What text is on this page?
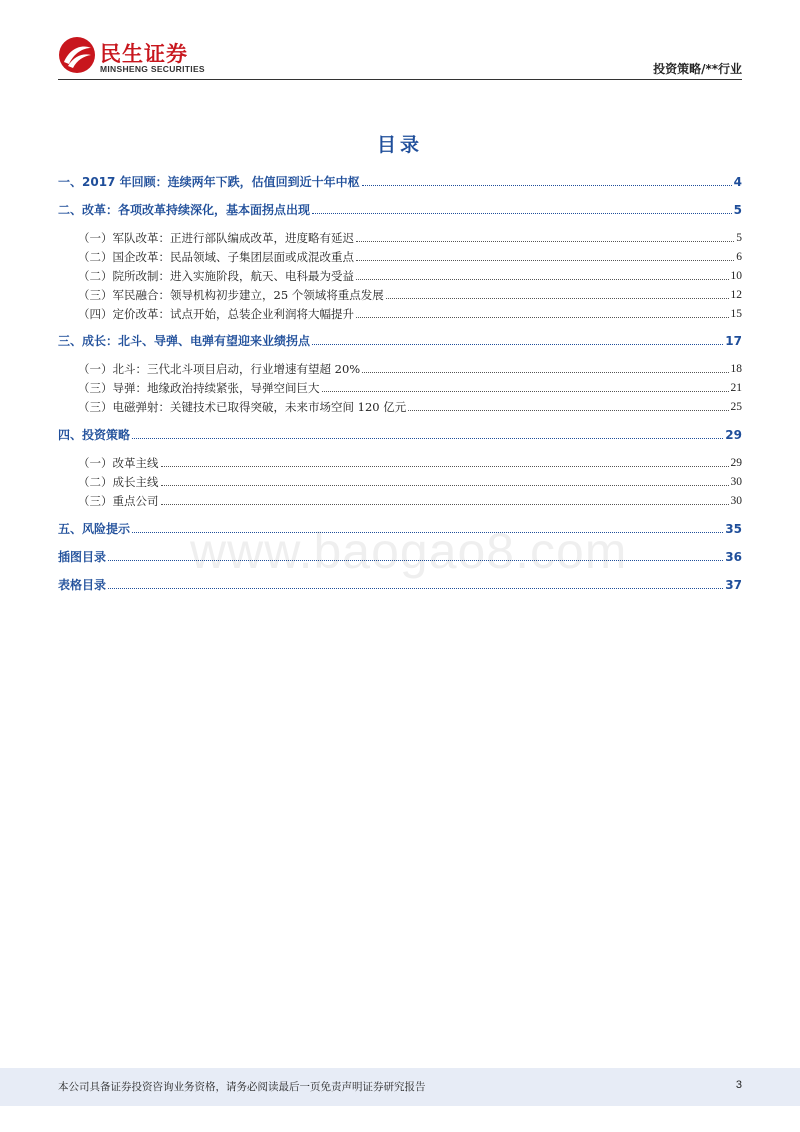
民生证券
MINSHENG SECURITIES	投资策略/**行业
目录
一、2017 年回顾：连续两年下跌，估值回到近十年中枢	4
二、改革：各项改革持续深化，基本面拐点出现	5
（一）军队改革：正进行部队编成改革，进度略有延迟	5
（二）国企改革：民品领域、子集团层面或成混改重点	6
（二）院所改制：进入实施阶段，航天、电科最为受益	10
（三）军民融合：领导机构初步建立，25 个领域将重点发展	12
（四）定价改革：试点开始，总装企业利润将大幅提升	15
三、成长：北斗、导弹、电弹有望迎来业绩拐点	17
（一）北斗：三代北斗项目启动，行业增速有望超 20%	18
（三）导弹：地缘政治持续紧张，导弹空间巨大	21
（三）电磁弹射：关键技术已取得突破，未来市场空间 120 亿元	25
四、投资策略	29
（一）改革主线	29
（二）成长主线	30
（三）重点公司	30
五、风险提示	35
插图目录	36
表格目录	37
www.baogao8.com
本公司具备证券投资咨询业务资格，请务必阅读最后一页免责声明证券研究报告	3
